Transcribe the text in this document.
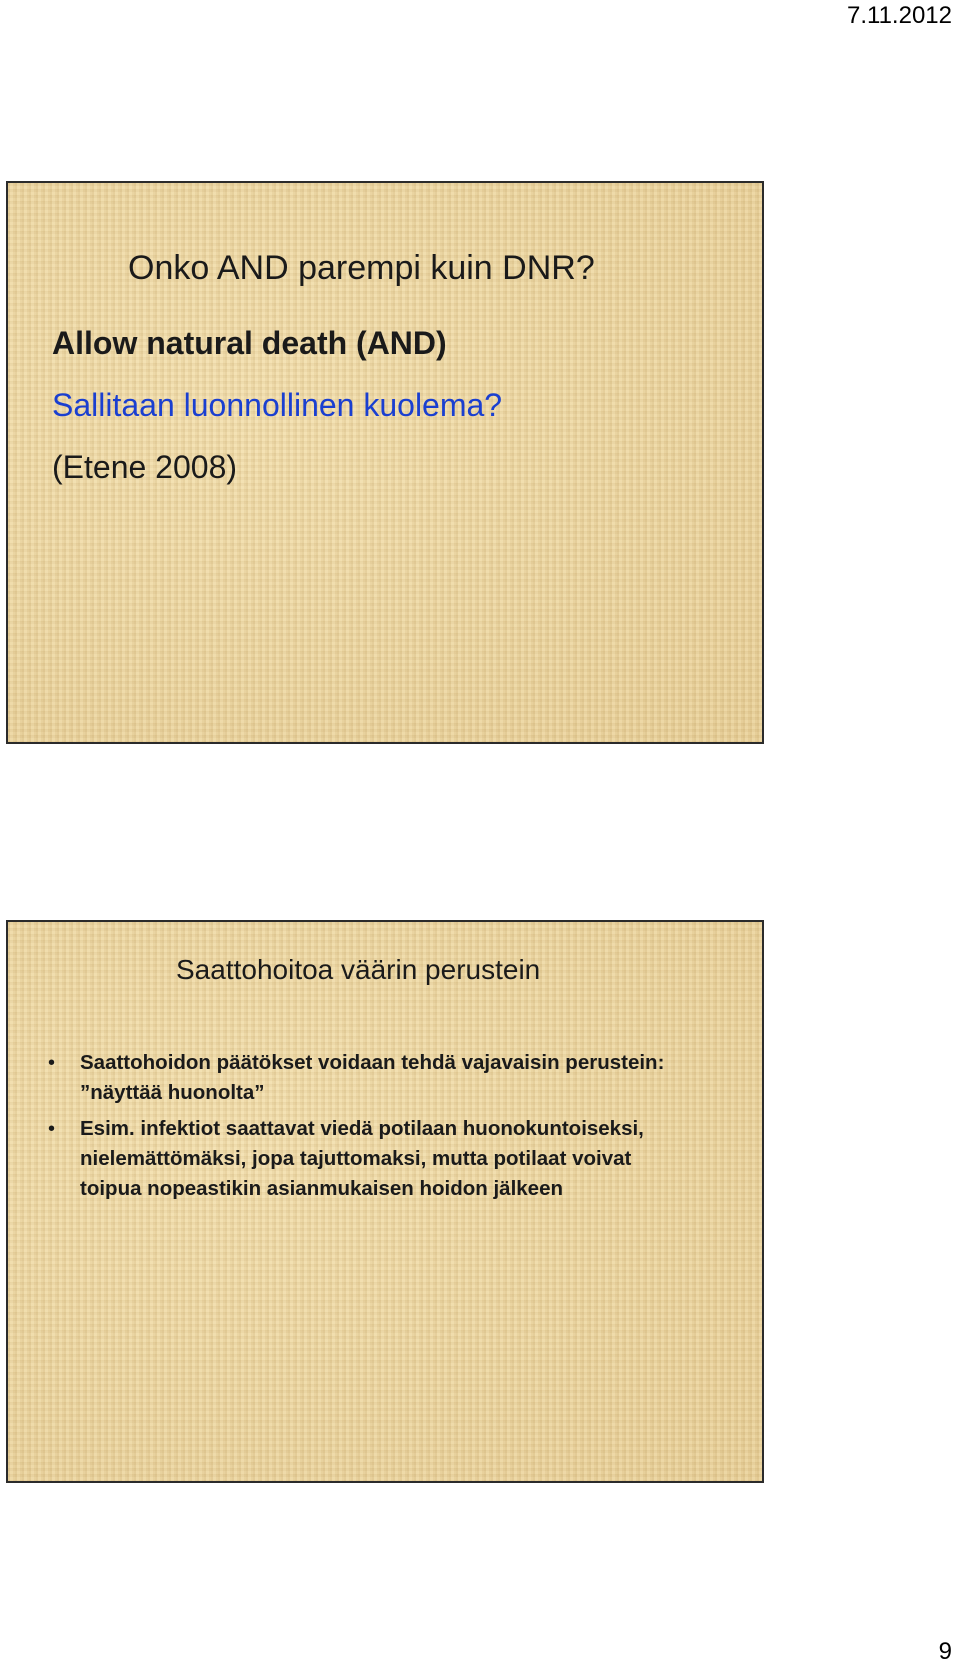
7.11.2012
Onko AND parempi kuin DNR?
Allow natural death (AND)
Sallitaan luonnollinen kuolema?
(Etene 2008)
Saattohoitoa väärin perustein
• Saattohoidon päätökset voidaan tehdä vajavaisin perustein:
”näyttää huonolta”
• Esim. infektiot saattavat viedä potilaan huonokuntoiseksi,
nielemättömäksi, jopa tajuttomaksi, mutta potilaat voivat
toipua nopeastikin asianmukaisen hoidon jälkeen
9
